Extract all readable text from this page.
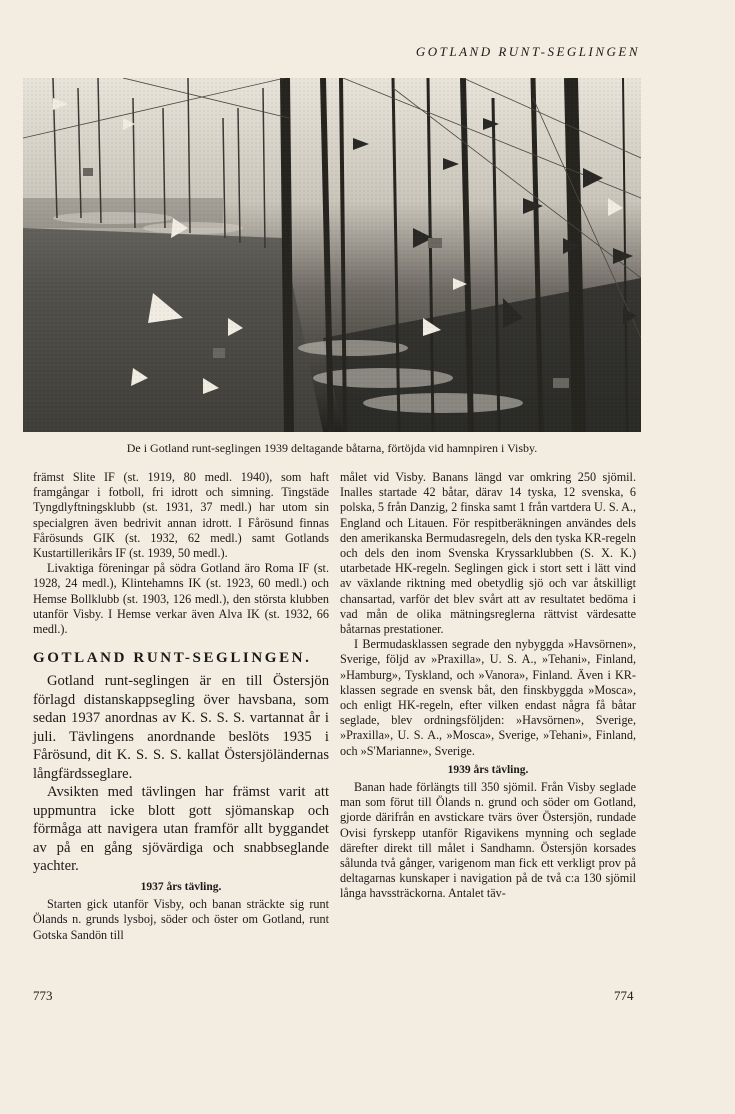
GOTLAND RUNT-SEGLINGEN
De i Gotland runt-seglingen 1939 deltagande båtarna, förtöjda vid hamnpiren i Visby.

främst Slite IF (st. 1919, 80 medl. 1940), som haft framgångar i fotboll, fri idrott och simning. Tingstäde Tyngdlyftningsklubb (st. 1931, 37 medl.) har utom sin specialgren även bedrivit annan idrott. I Fårösund finnas Fårösunds GIK (st. 1932, 62 medl.) samt Gotlands Kustartillerikårs IF (st. 1939, 50 medl.).

Livaktiga föreningar på södra Gotland äro Roma IF (st. 1928, 24 medl.), Klintehamns IK (st. 1923, 60 medl.) och Hemse Bollklubb (st. 1903, 126 medl.), den största klubben utanför Visby. I Hemse verkar även Alva IK (st. 1932, 66 medl.).

GOTLAND RUNT-SEGLINGEN.

Gotland runt-seglingen är en till Östersjön förlagd distanskappsegling över havsbana, som sedan 1937 anordnas av K. S. S. S. vartannat år i juli. Tävlingens anordnande beslöts 1935 i Fårösund, dit K. S. S. S. kallat Östersjöländernas långfärdsseglare.

Avsikten med tävlingen har främst varit att uppmuntra icke blott gott sjömanskap och förmåga att navigera utan framför allt byggandet av på en gång sjövärdiga och snabbseglande yachter.

1937 års tävling.

Starten gick utanför Visby, och banan sträckte sig runt Ölands n. grunds lysboj, söder och öster om Gotland, runt Gotska Sandön till

målet vid Visby. Banans längd var omkring 250 sjömil. Inalles startade 42 båtar, därav 14 tyska, 12 svenska, 6 polska, 5 från Danzig, 2 finska samt 1 från vartdera U. S. A., England och Litauen. För respitberäkningen användes dels den amerikanska Bermudasregeln, dels den tyska KR-regeln och dels den inom Svenska Kryssarklubben (S. X. K.) utarbetade HK-regeln. Seglingen gick i stort sett i lätt vind av växlande riktning med obetydlig sjö och var åtskilligt chansartad, varför det blev svårt att av resultatet bedöma i vad mån de olika mätningsreglerna rättvist värdesatte båtarnas prestationer.

I Bermudasklassen segrade den nybyggda »Havsörnen», Sverige, följd av »Praxilla», U. S. A., »Tehani», Finland, »Hamburg», Tyskland, och »Vanora», Finland. Även i KR-klassen segrade en svensk båt, den finskbyggda »Mosca», och enligt HK-regeln, efter vilken endast några få båtar seglade, blev ordningsföljden: »Havsörnen», Sverige, »Praxilla», U. S. A., »Mosca», Sverige, »Tehani», Finland, och »S'Marianne», Sverige.

1939 års tävling.

Banan hade förlängts till 350 sjömil. Från Visby seglade man som förut till Ölands n. grund och söder om Gotland, gjorde därifrån en avstickare tvärs över Östersjön, rundade Ovisi fyrskepp utanför Rigavikens mynning och seglade därefter direkt till målet i Sandhamn. Östersjön korsades sålunda två gånger, varigenom man fick ett verkligt prov på deltagarnas kunskaper i navigation på de två c:a 130 sjömil långa havssträckorna. Antalet täv-

773	774
